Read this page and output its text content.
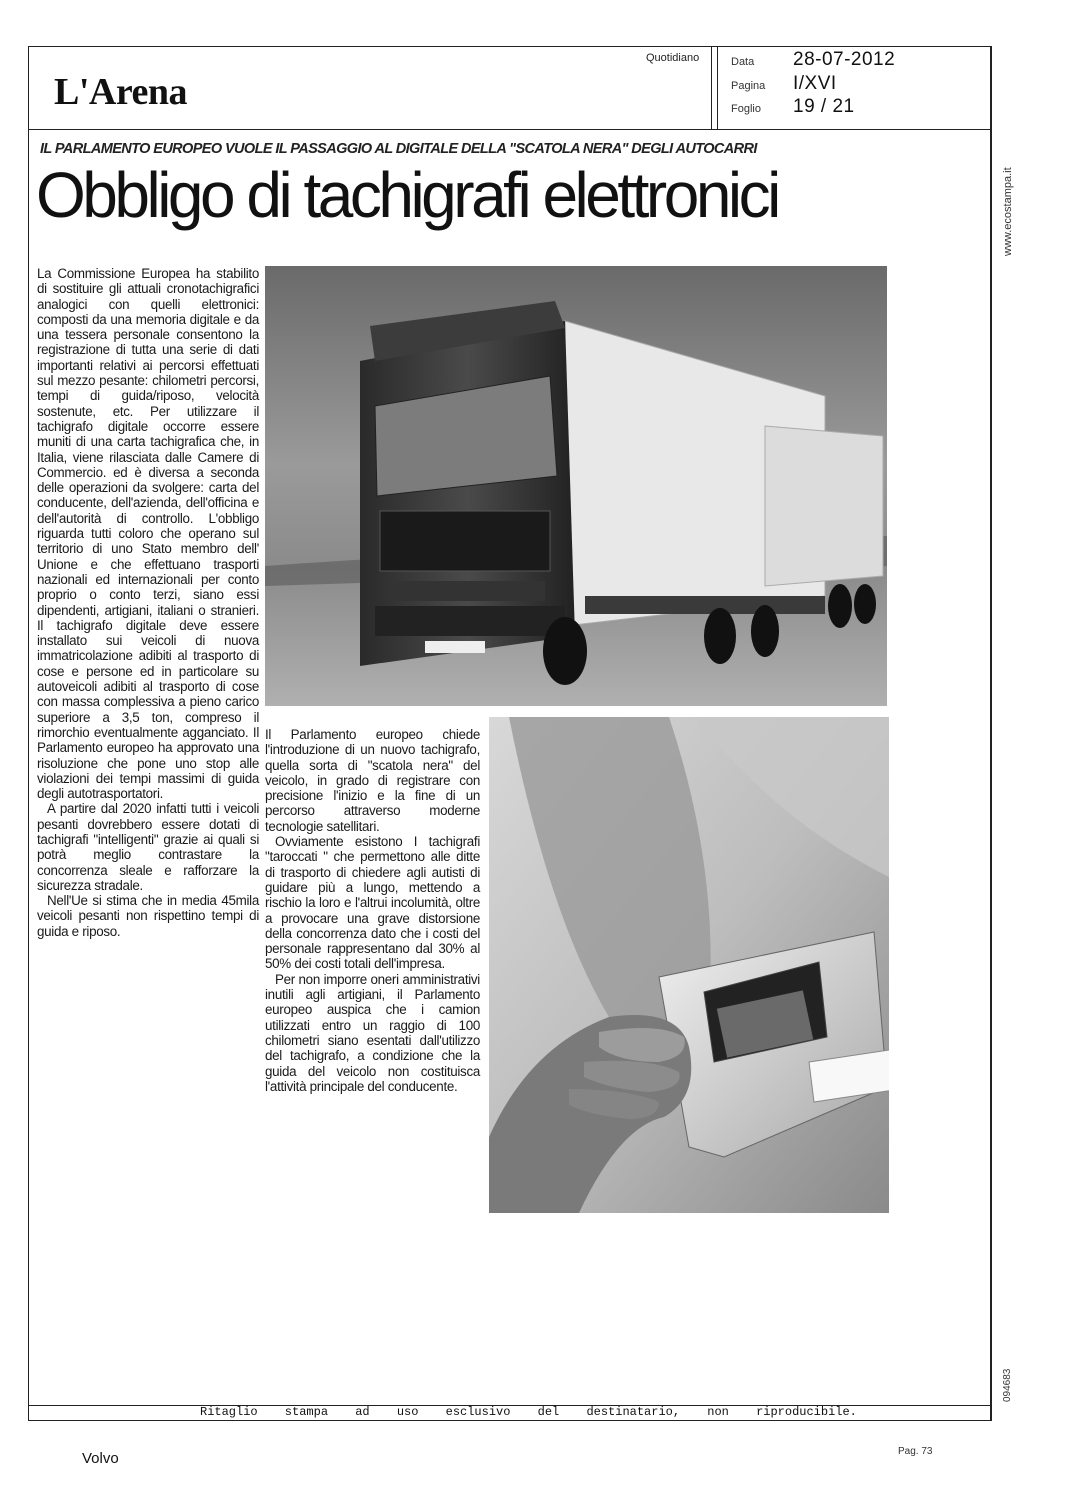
L'Arena
Quotidiano	Data 28-07-2012
Pagina I/XVI
Foglio 19 / 21
www.ecostampa.it
094683
IL PARLAMENTO EUROPEO VUOLE IL PASSAGGIO AL DIGITALE DELLA "SCATOLA NERA" DEGLI AUTOCARRI
Obbligo di tachigrafi elettronici

La Commissione Europea ha stabilito di sostituire gli attuali cronotachigrafici analogici con quelli elettronici: composti da una memoria digitale e da una tessera personale consentono la registrazione di tutta una serie di dati importanti relativi ai percorsi effettuati sul mezzo pesante: chilometri percorsi, tempi di guida/riposo, velocità sostenute, etc. Per utilizzare il tachigrafo digitale occorre essere muniti di una carta tachigrafica che, in Italia, viene rilasciata dalle Camere di Commercio. ed è diversa a seconda delle operazioni da svolgere: carta del conducente, dell'azienda, dell'officina e dell'autorità di controllo. L'obbligo riguarda tutti coloro che operano sul territorio di uno Stato membro dell' Unione e che effettuano trasporti nazionali ed internazionali per conto proprio o conto terzi, siano essi dipendenti, artigiani, italiani o stranieri. Il tachigrafo digitale deve essere installato sui veicoli di nuova immatricolazione adibiti al trasporto di cose e persone ed in particolare su autoveicoli adibiti al trasporto di cose con massa complessiva a pieno carico superiore a 3,5 ton, compreso il rimorchio eventualmente agganciato. Il Parlamento europeo ha approvato una risoluzione che pone uno stop alle violazioni dei tempi massimi di guida degli autotrasportatori.

A partire dal 2020 infatti tutti i veicoli pesanti dovrebbero essere dotati di tachigrafi "intelligenti" grazie ai quali si potrà meglio contrastare la concorrenza sleale e rafforzare la sicurezza stradale.

Nell'Ue si stima che in media 45mila veicoli pesanti non rispettino tempi di guida e riposo.

Il Parlamento europeo chiede l'introduzione di un nuovo tachigrafo, quella sorta di "scatola nera" del veicolo, in grado di registrare con precisione l'inizio e la fine di un percorso attraverso moderne tecnologie satellitari.

Ovviamente esistono I tachigrafi "taroccati " che permettono alle ditte di trasporto di chiedere agli autisti di guidare più a lungo, mettendo a rischio la loro e l'altrui incolumità, oltre a provocare una grave distorsione della concorrenza dato che i costi del personale rappresentano dal 30% al 50% dei costi totali dell'impresa.

Per non imporre oneri amministrativi inutili agli artigiani, il Parlamento europeo auspica che i camion utilizzati entro un raggio di 100 chilometri siano esentati dall'utilizzo del tachigrafo, a condizione che la guida del veicolo non costituisca l'attività principale del conducente.

Ritaglio stampa ad uso esclusivo del destinatario, non riproducibile.
Volvo	Pag. 73
